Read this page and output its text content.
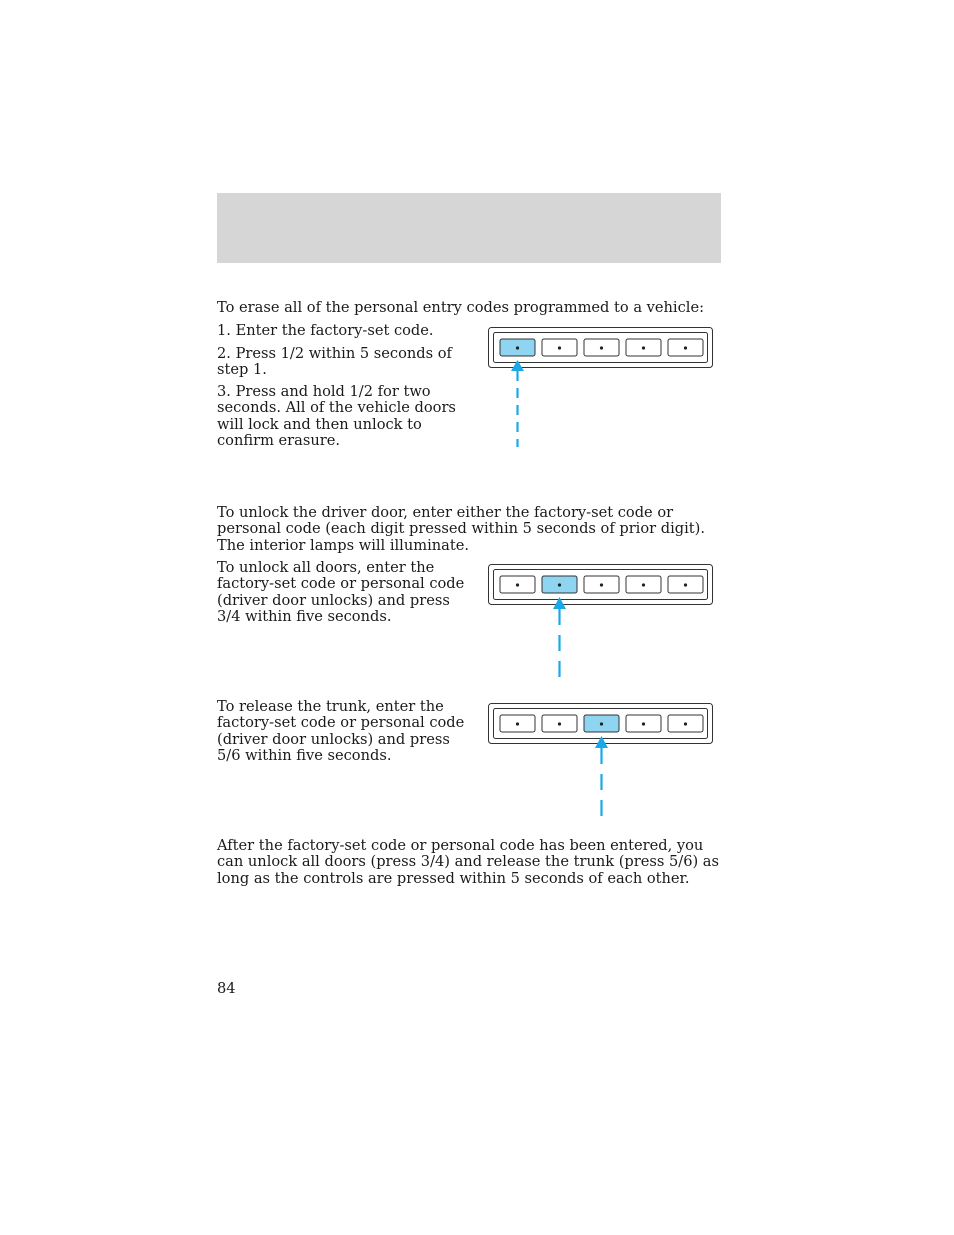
To erase all of the personal entry codes programmed to a vehicle:

1. Enter the factory-set code.

2. Press 1/2 within 5 seconds of step 1.

3. Press and hold 1/2 for two seconds. All of the vehicle doors will lock and then unlock to confirm erasure.

To unlock the driver door, enter either the factory-set code or personal code (each digit pressed within 5 seconds of prior digit). The interior lamps will illuminate.

To unlock all doors, enter the factory-set code or personal code (driver door unlocks) and press 3/4 within five seconds.

To release the trunk, enter the factory-set code or personal code (driver door unlocks) and press 5/6 within five seconds.

After the factory-set code or personal code has been entered, you can unlock all doors (press 3/4) and release the trunk (press 5/6) as long as the controls are pressed within 5 seconds of each other.

84
